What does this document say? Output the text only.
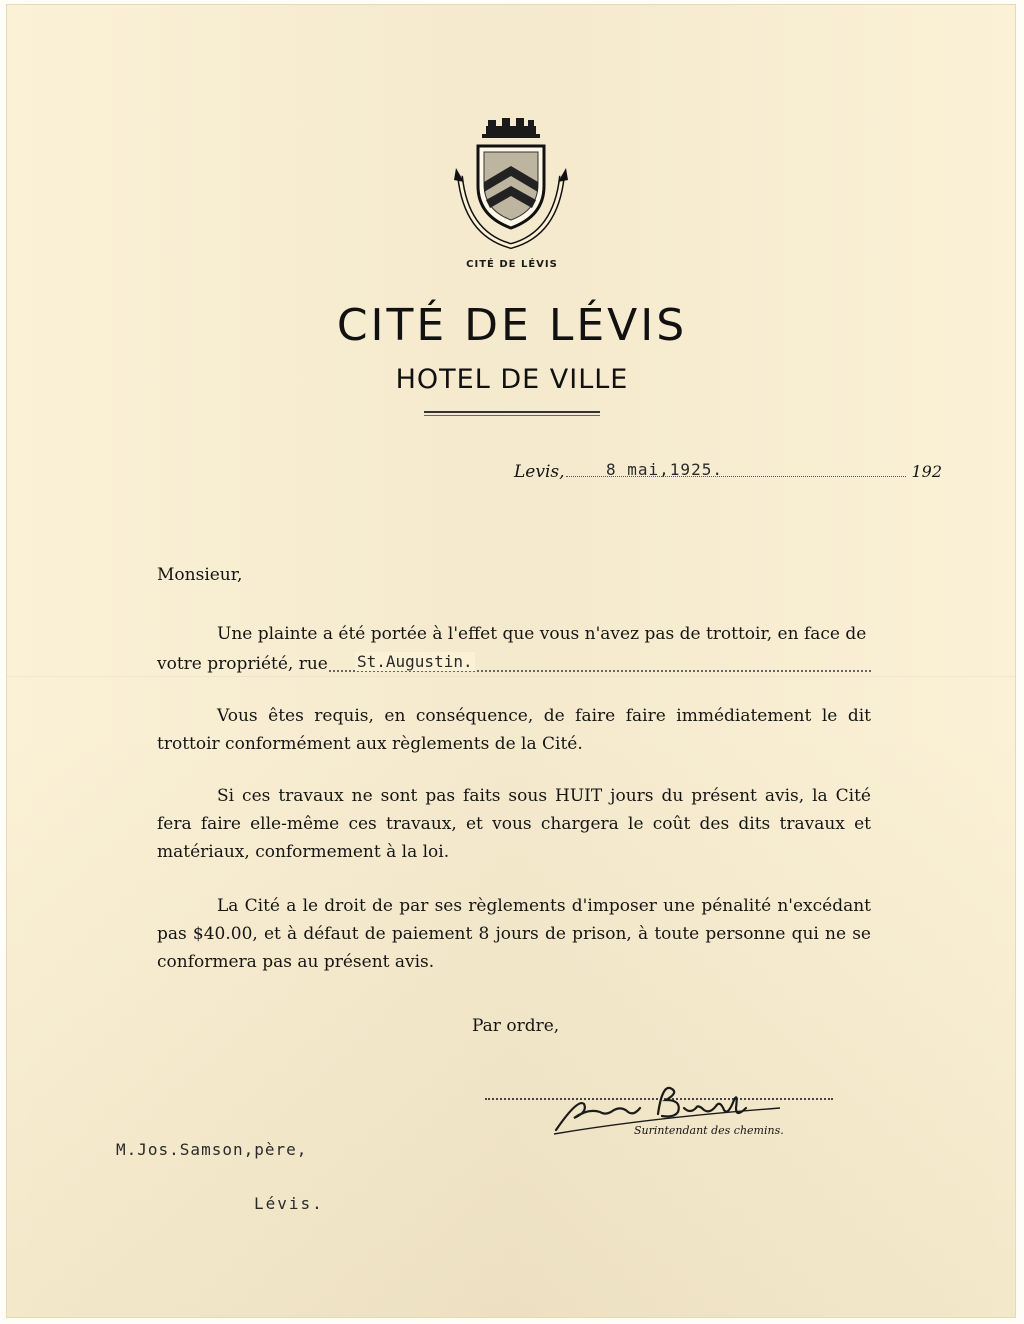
CITÉ DE LÉVIS
CITÉ DE LÉVIS
HOTEL DE VILLE
Levis,	8 mai,1925.	192
Monsieur,

Une plainte a été portée à l'effet que vous n'avez pas de trottoir, en face de

votre propriété, rue St.Augustin.

Vous êtes requis, en conséquence, de faire faire immédiatement le dit trottoir conformément aux règlements de la Cité.

Si ces travaux ne sont pas faits sous HUIT jours du présent avis, la Cité fera faire elle-même ces travaux, et vous chargera le coût des dits travaux et matériaux, conformement à la loi.

La Cité a le droit de par ses règlements d'imposer une pénalité n'excédant pas $40.00, et à défaut de paiement 8 jours de prison, à toute personne qui ne se conformera pas au présent avis.

Par ordre,
Surintendant des chemins.
M.Jos.Samson,père,
Lévis.
